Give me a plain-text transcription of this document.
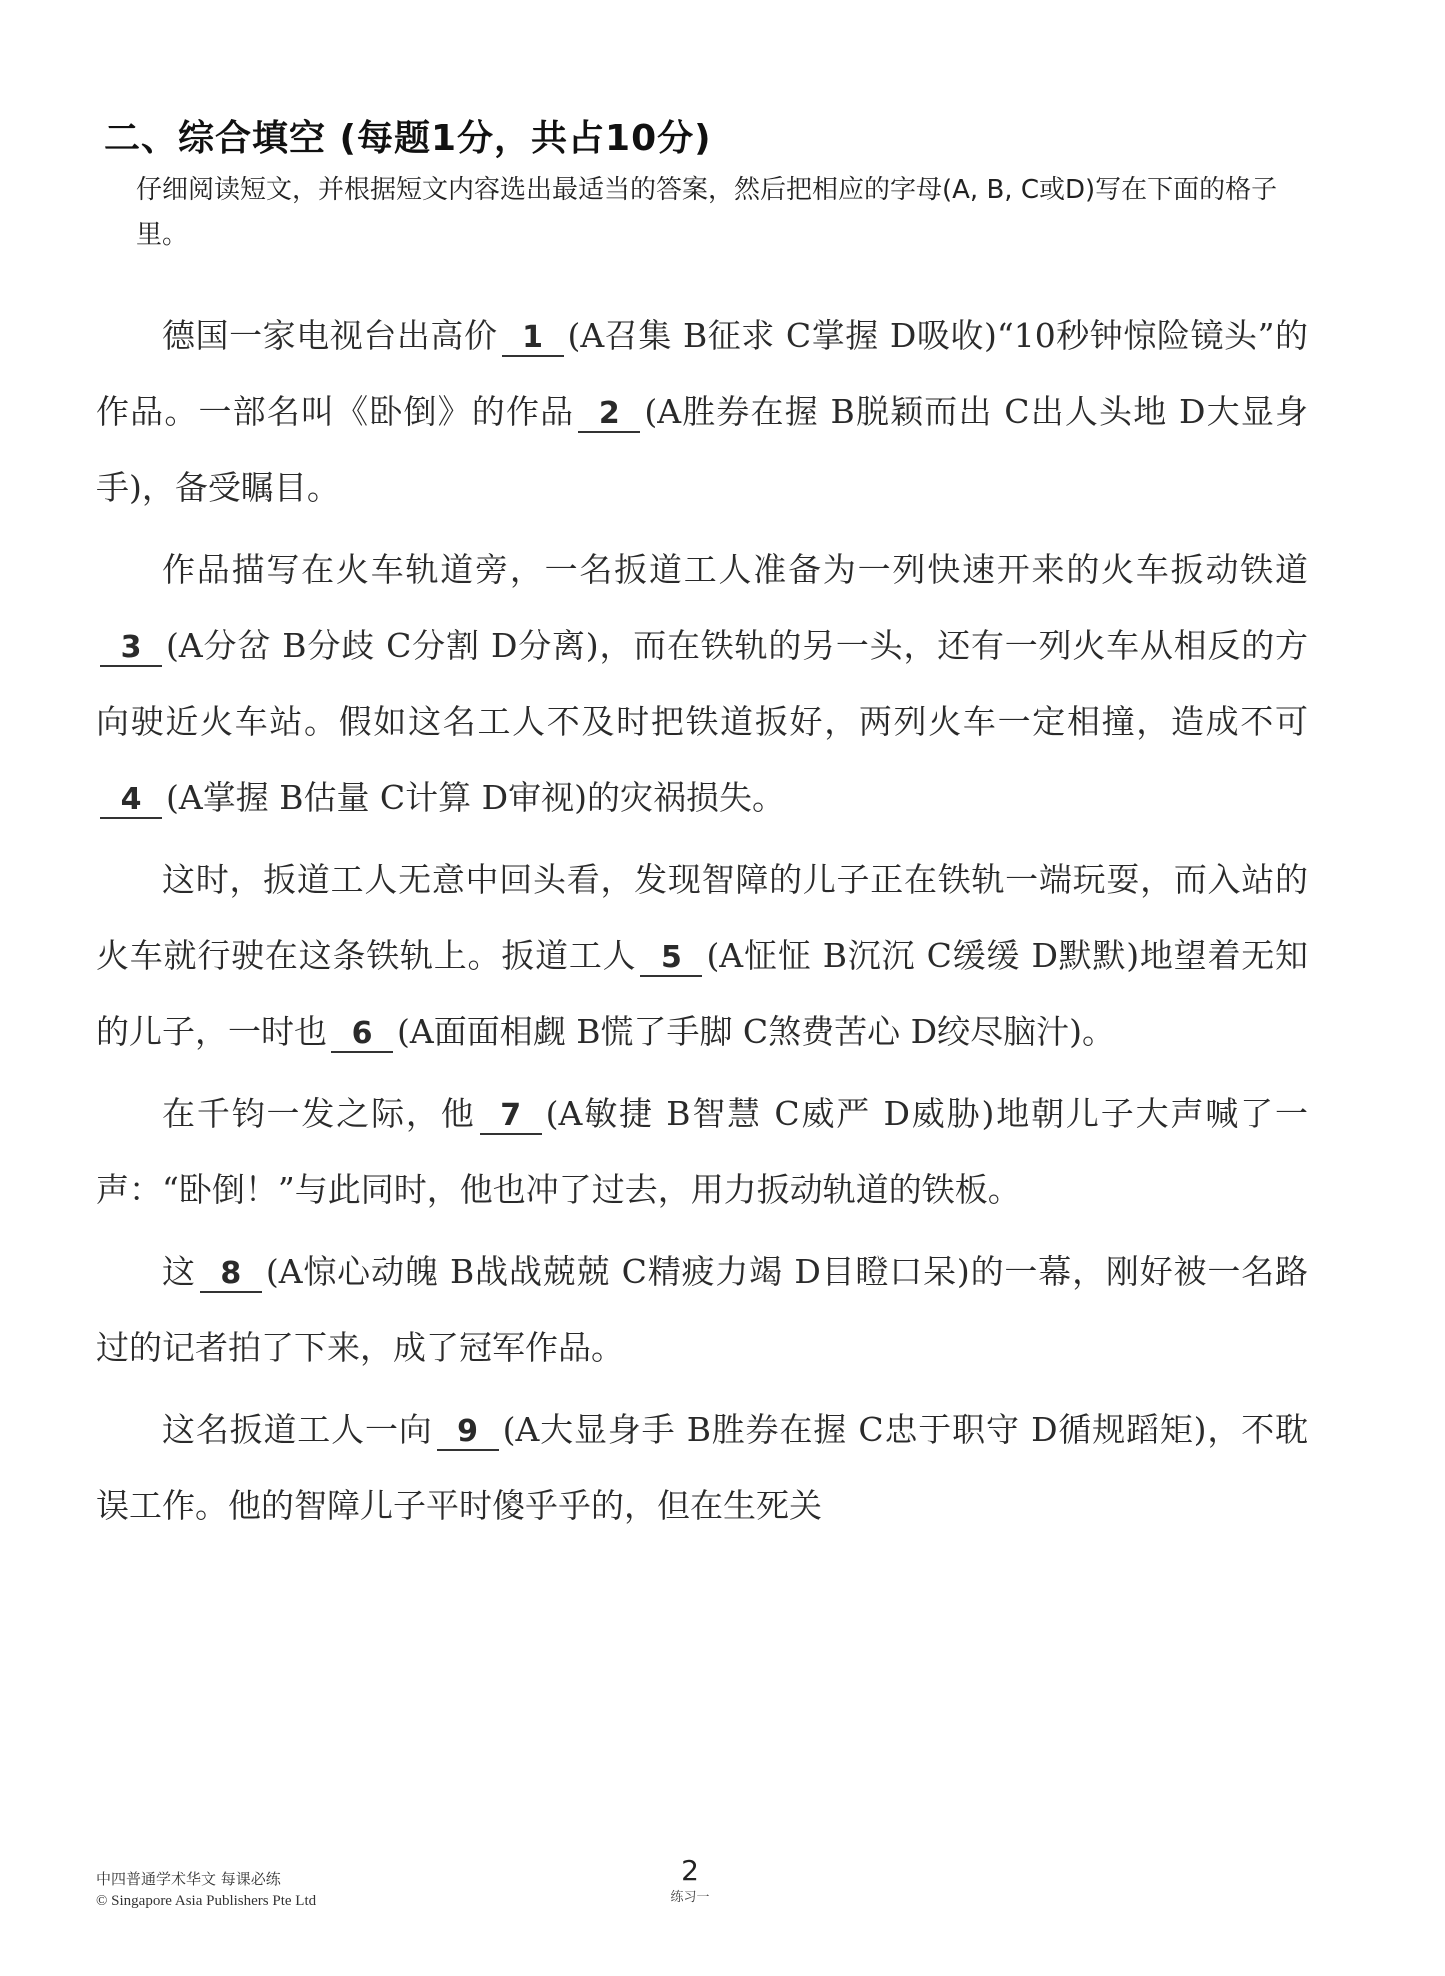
二、综合填空 (每题1分，共占10分)
仔细阅读短文，并根据短文内容选出最适当的答案，然后把相应的字母(A, B, C或D)写在下面的格子里。

德国一家电视台出高价 1 (A召集 B征求 C掌握 D吸收)“10秒钟惊险镜头”的作品。一部名叫《卧倒》的作品 2 (A胜券在握 B脱颖而出 C出人头地 D大显身手)，备受瞩目。

作品描写在火车轨道旁，一名扳道工人准备为一列快速开来的火车扳动铁道3 (A分岔 B分歧 C分割 D分离)，而在铁轨的另一头，还有一列火车从相反的方向驶近火车站。假如这名工人不及时把铁道扳好，两列火车一定相撞，造成不可4 (A掌握 B估量 C计算 D审视)的灾祸损失。

这时，扳道工人无意中回头看，发现智障的儿子正在铁轨一端玩耍，而入站的火车就行驶在这条铁轨上。扳道工人 5 (A怔怔 B沉沉 C缓缓 D默默)地望着无知的儿子，一时也 6 (A面面相觑 B慌了手脚 C煞费苦心 D绞尽脑汁)。

在千钧一发之际，他 7 (A敏捷 B智慧 C威严 D威胁)地朝儿子大声喊了一声：“卧倒！”与此同时，他也冲了过去，用力扳动轨道的铁板。

这 8 (A惊心动魄 B战战兢兢 C精疲力竭 D目瞪口呆)的一幕，刚好被一名路过的记者拍了下来，成了冠军作品。

这名扳道工人一向 9 (A大显身手 B胜券在握 C忠于职守 D循规蹈矩)，不耽误工作。他的智障儿子平时傻乎乎的，但在生死关

中四普通学术华文 每课必练
© Singapore Asia Publishers Pte Ltd
2
练习一
